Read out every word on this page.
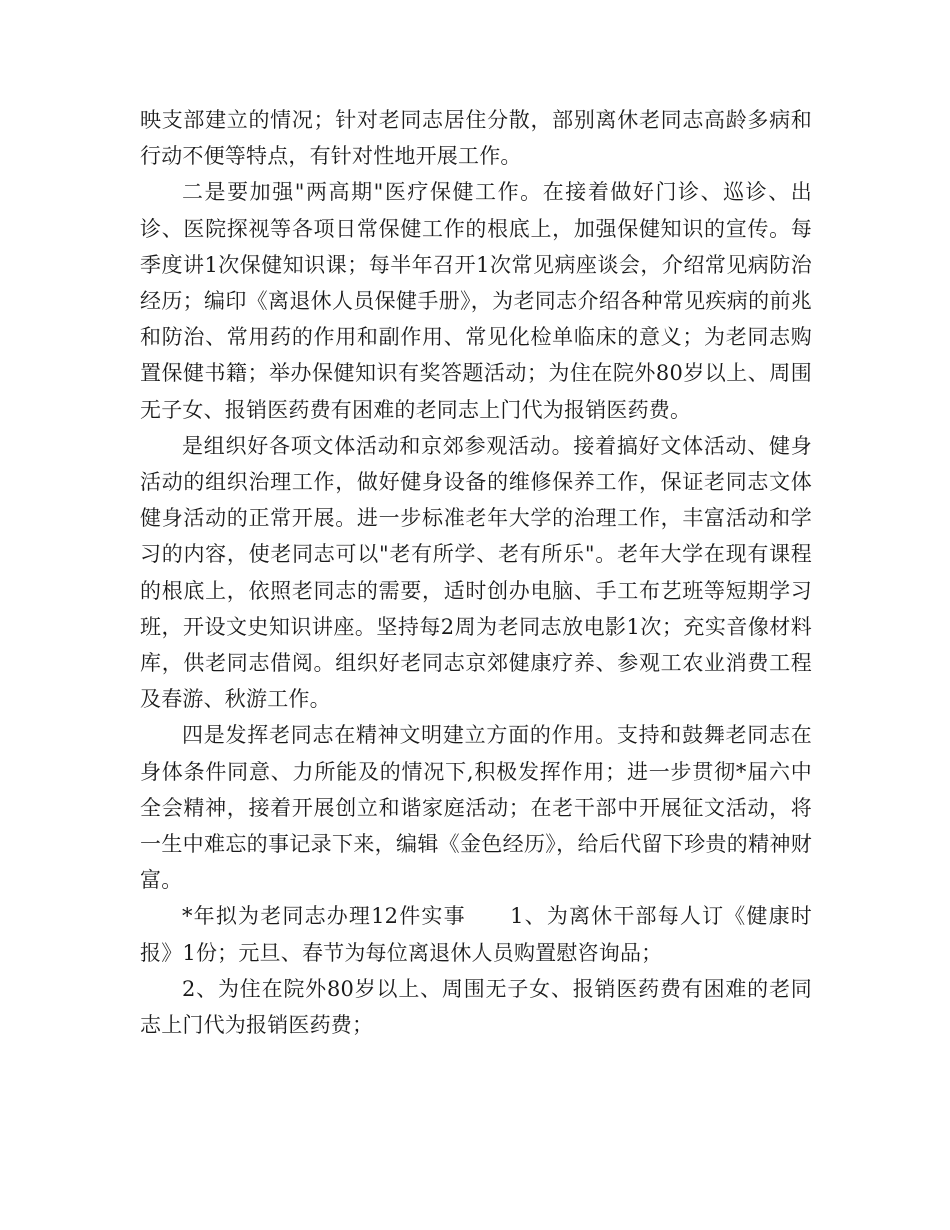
映支部建立的情况；针对老同志居住分散，部别离休老同志高龄多病和行动不便等特点，有针对性地开展工作。

二是要加强"两高期"医疗保健工作。在接着做好门诊、巡诊、出诊、医院探视等各项日常保健工作的根底上，加强保健知识的宣传。每季度讲1次保健知识课；每半年召开1次常见病座谈会，介绍常见病防治经历；编印《离退休人员保健手册》，为老同志介绍各种常见疾病的前兆和防治、常用药的作用和副作用、常见化检单临床的意义；为老同志购置保健书籍；举办保健知识有奖答题活动；为住在院外80岁以上、周围无子女、报销医药费有困难的老同志上门代为报销医药费。

是组织好各项文体活动和京郊参观活动。接着搞好文体活动、健身活动的组织治理工作，做好健身设备的维修保养工作，保证老同志文体健身活动的正常开展。进一步标准老年大学的治理工作，丰富活动和学习的内容，使老同志可以"老有所学、老有所乐"。老年大学在现有课程的根底上，依照老同志的需要，适时创办电脑、手工布艺班等短期学习班，开设文史知识讲座。坚持每2周为老同志放电影1次；充实音像材料库，供老同志借阅。组织好老同志京郊健康疗养、参观工农业消费工程及春游、秋游工作。

四是发挥老同志在精神文明建立方面的作用。支持和鼓舞老同志在身体条件同意、力所能及的情况下,积极发挥作用；进一步贯彻*届六中全会精神，接着开展创立和谐家庭活动；在老干部中开展征文活动，将一生中难忘的事记录下来，编辑《金色经历》，给后代留下珍贵的精神财富。

*年拟为老同志办理12件实事　　1、为离休干部每人订《健康时报》1份；元旦、春节为每位离退休人员购置慰咨询品；

2、为住在院外80岁以上、周围无子女、报销医药费有困难的老同志上门代为报销医药费；
